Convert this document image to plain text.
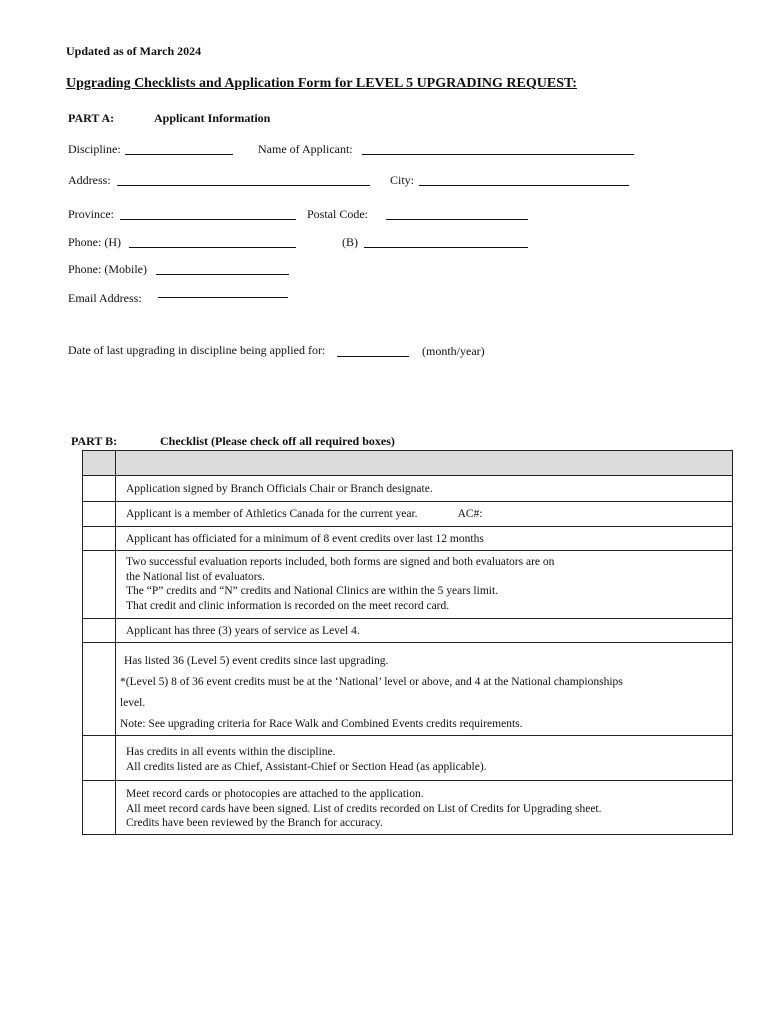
Updated as of March 2024
Upgrading Checklists and Application Form for LEVEL 5 UPGRADING REQUEST:
PART A:	Applicant Information
Discipline:	Name of Applicant:
Address:	City:
Province:	Postal Code:
Phone: (H)	(B)
Phone: (Mobile)
Email Address:
Date of last upgrading in discipline being applied for:	(month/year)
PART B:	Checklist (Please check off all required boxes)

	Application signed by Branch Officials Chair or Branch designate.

	Applicant is a member of Athletics Canada for the current year. AC#:

	Applicant has officiated for a minimum of 8 event credits over last 12 months

	Two successful evaluation reports included, both forms are signed and both evaluators are on
the National list of evaluators.
The “P” credits and “N” credits and National Clinics are within the 5 years limit.
That credit and clinic information is recorded on the meet record card.

	Applicant has three (3) years of service as Level 4.

	Has listed 36 (Level 5) event credits since last upgrading.
*(Level 5) 8 of 36 event credits must be at the ‘National’ level or above, and 4 at the National championships
level.
Note: See upgrading criteria for Race Walk and Combined Events credits requirements.

	Has credits in all events within the discipline.
All credits listed are as Chief, Assistant-Chief or Section Head (as applicable).

	Meet record cards or photocopies are attached to the application.
All meet record cards have been signed. List of credits recorded on List of Credits for Upgrading sheet.
Credits have been reviewed by the Branch for accuracy.
